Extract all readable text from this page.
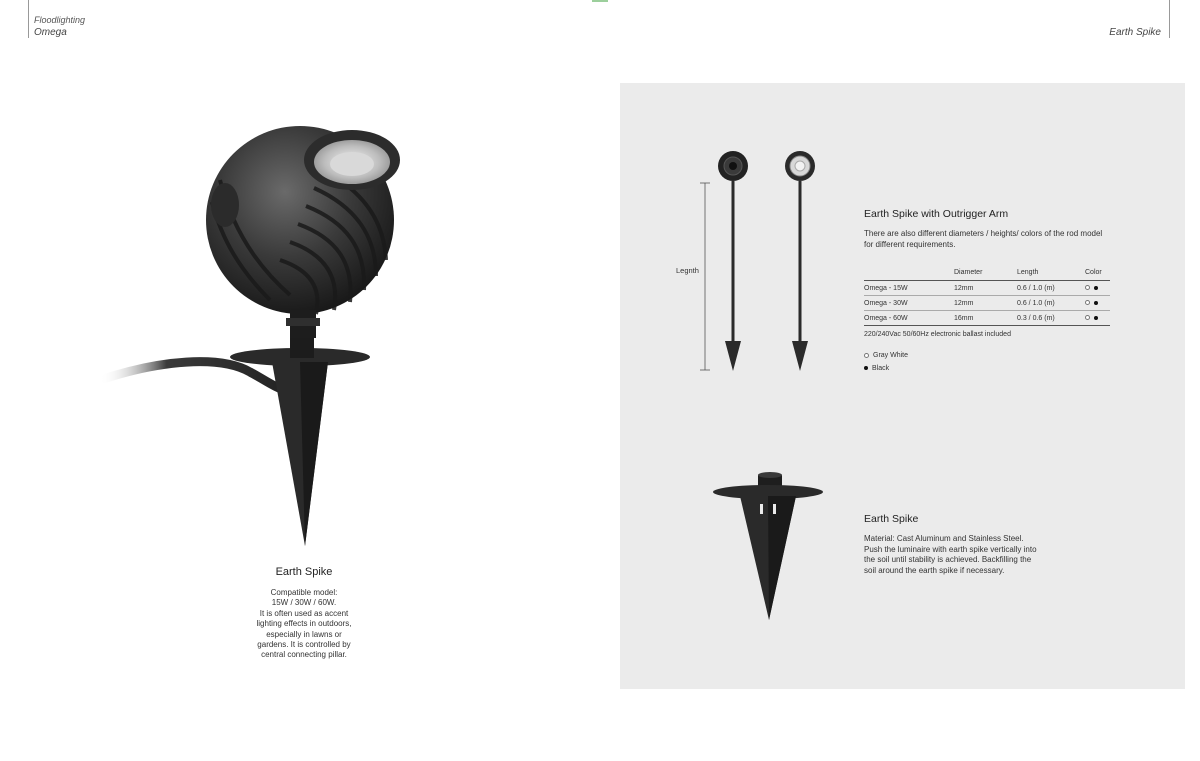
Floodlighting
Omega	Earth Spike
Earth Spike
Compatible model:
15W / 30W / 60W.
It is often used as accent
lighting effects in outdoors,
especially in lawns or
gardens. It is controlled by
central connecting pillar.
Legnth
Earth Spike with Outrigger Arm
There are also different diameters / heights/ colors of the rod model
for different requirements.
	Diameter	Length	Color
Omega - 15W	12mm	0.6 / 1.0 (m)	
Omega - 30W	12mm	0.6 / 1.0 (m)	
Omega - 60W	16mm	0.3 / 0.6 (m)	
220/240Vac 50/60Hz electronic ballast included
Gray White
Black
Earth Spike
Material: Cast Aluminum and Stainless Steel.
Push the luminaire with earth spike vertically into
the soil until stability is achieved. Backfilling the
soil around the earth spike if necessary.
